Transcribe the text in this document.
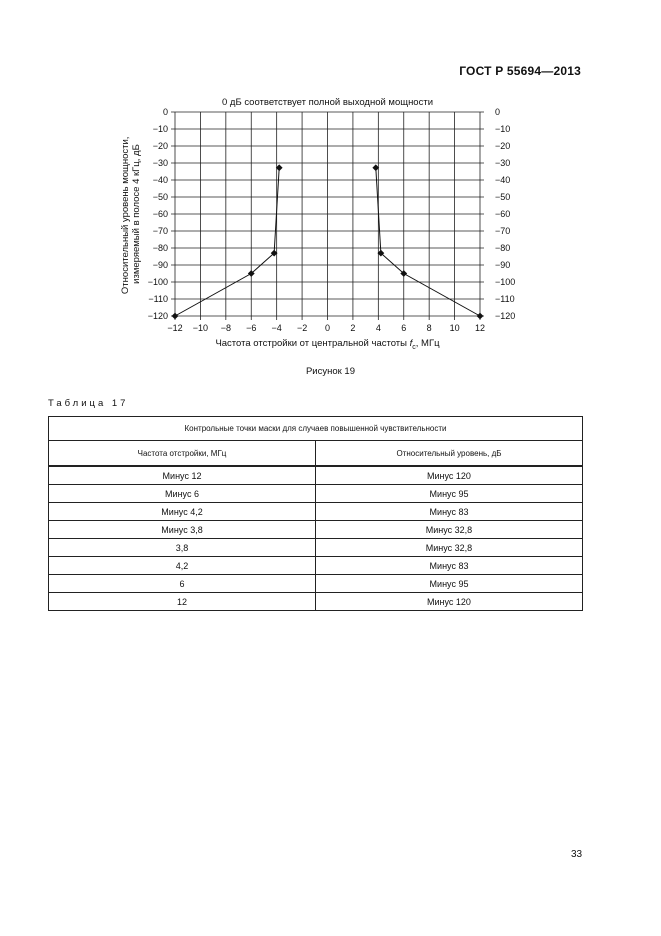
ГОСТ Р 55694—2013
0 дБ соответствует полной выходной мощности
0
−10
−20
−30
−40
−50
−60
−70
−80
−90
−100
−110
−120
0
−10
−20
−30
−40
−50
−60
−70
−80
−90
−100
−110
−120
−12 −10 −8 −6 −4 −2 0 2 4 6 8 10 12
Относительный уровень мощности, измеряемый в полосе 4 кГц, дБ
Частота отстройки от центральной частоты $f_c$, МГц
Рисунок 19
Таблица 17
Контрольные точки маски для случаев повышенной чувствительности	
Частота отстройки, МГц	Относительный уровень, дБ
Минус 12	Минус 120
Минус 6	Минус 95
Минус 4,2	Минус 83
Минус 3,8	Минус 32,8
3,8	Минус 32,8
4,2	Минус 83
6	Минус 95
12	Минус 120
33
